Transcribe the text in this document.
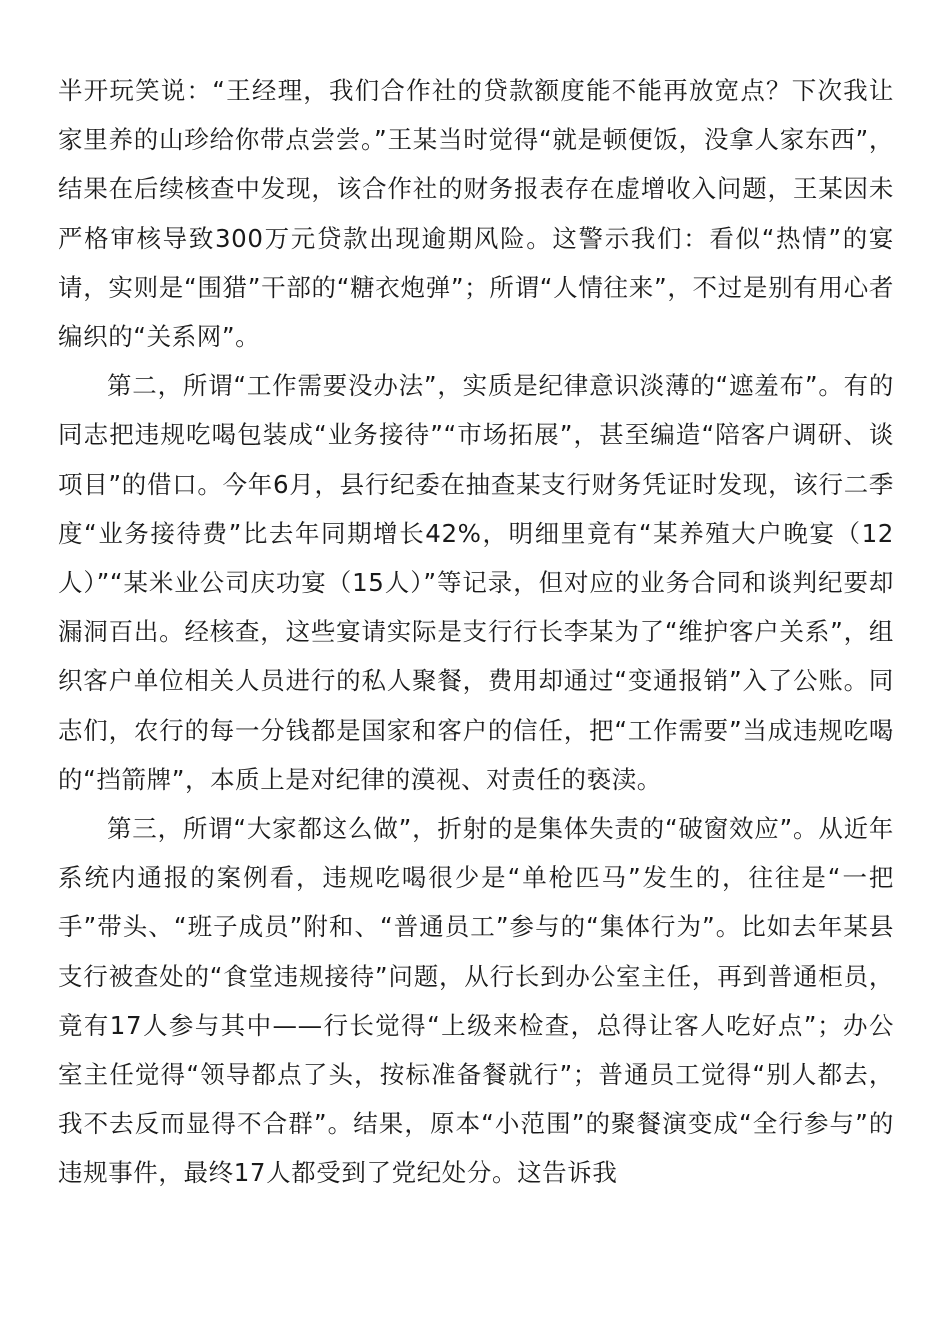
半开玩笑说：“王经理，我们合作社的贷款额度能不能再放宽点？下次我让家里养的山珍给你带点尝尝。”王某当时觉得“就是顿便饭，没拿人家东西”，结果在后续核查中发现，该合作社的财务报表存在虚增收入问题，王某因未严格审核导致300万元贷款出现逾期风险。这警示我们：看似“热情”的宴请，实则是“围猎”干部的“糖衣炮弹”；所谓“人情往来”，不过是别有用心者编织的“关系网”。

第二，所谓“工作需要没办法”，实质是纪律意识淡薄的“遮羞布”。有的同志把违规吃喝包装成“业务接待”“市场拓展”，甚至编造“陪客户调研、谈项目”的借口。今年6月，县行纪委在抽查某支行财务凭证时发现，该行二季度“业务接待费”比去年同期增长42%，明细里竟有“某养殖大户晚宴（12人）”“某米业公司庆功宴（15人）”等记录，但对应的业务合同和谈判纪要却漏洞百出。经核查，这些宴请实际是支行行长李某为了“维护客户关系”，组织客户单位相关人员进行的私人聚餐，费用却通过“变通报销”入了公账。同志们，农行的每一分钱都是国家和客户的信任，把“工作需要”当成违规吃喝的“挡箭牌”，本质上是对纪律的漠视、对责任的亵渎。

第三，所谓“大家都这么做”，折射的是集体失责的“破窗效应”。从近年系统内通报的案例看，违规吃喝很少是“单枪匹马”发生的，往往是“一把手”带头、“班子成员”附和、“普通员工”参与的“集体行为”。比如去年某县支行被查处的“食堂违规接待”问题，从行长到办公室主任，再到普通柜员，竟有17人参与其中——行长觉得“上级来检查，总得让客人吃好点”；办公室主任觉得“领导都点了头，按标准备餐就行”；普通员工觉得“别人都去，我不去反而显得不合群”。结果，原本“小范围”的聚餐演变成“全行参与”的违规事件，最终17人都受到了党纪处分。这告诉我
